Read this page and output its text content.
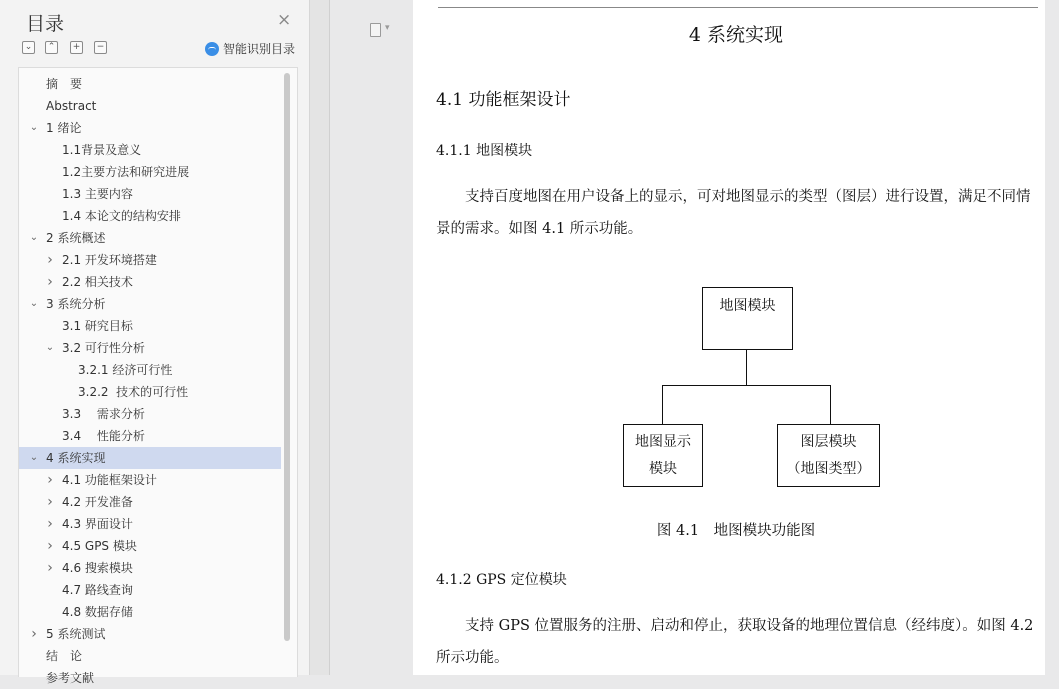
目录	×
⌄	⌃	+	−	智能识别目录
摘　要
Abstract
⌄ 1 绪论
1.1背景及意义
1.2主要方法和研究进展
1.3 主要内容
1.4 本论文的结构安排
⌄ 2 系统概述
› 2.1 开发环境搭建
› 2.2 相关技术
⌄ 3 系统分析
3.1 研究目标
⌄ 3.2 可行性分析
3.2.1 经济可行性
3.2.2  技术的可行性
3.3　 需求分析
3.4　 性能分析
⌄ 4 系统实现
› 4.1 功能框架设计
› 4.2 开发准备
› 4.3 界面设计
› 4.5 GPS 模块
› 4.6 搜索模块
4.7 路线查询
4.8 数据存储
› 5 系统测试
结　论
参考文献
▾
4 系统实现
4.1 功能框架设计
4.1.1 地图模块
支持百度地图在用户设备上的显示，可对地图显示的类型（图层）进行设置，满足不同情景的需求。如图 4.1 所示功能。
地图模块
地图显示
模块
图层模块
（地图类型）
图 4.1　地图模块功能图
4.1.2 GPS 定位模块
支持 GPS 位置服务的注册、启动和停止，获取设备的地理位置信息（经纬度）。如图 4.2 所示功能。
